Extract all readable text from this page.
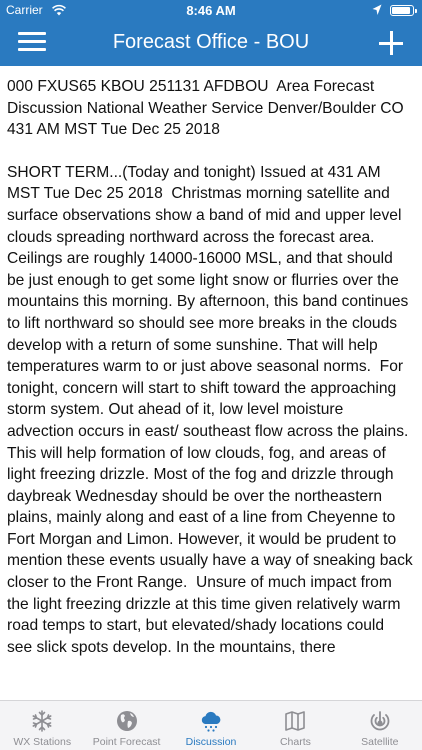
Carrier	8:46 AM
Forecast Office - BOU

000 FXUS65 KBOU 251131 AFDBOU  Area Forecast Discussion National Weather Service Denver/Boulder CO 431 AM MST Tue Dec 25 2018

SHORT TERM...(Today and tonight) Issued at 431 AM MST Tue Dec 25 2018  Christmas morning satellite and surface observations show a band of mid and upper level clouds spreading northward across the forecast area. Ceilings are roughly 14000-16000 MSL, and that should be just enough to get some light snow or flurries over the mountains this morning. By afternoon, this band continues to lift northward so should see more breaks in the clouds develop with a return of some sunshine. That will help temperatures warm to or just above seasonal norms.  For tonight, concern will start to shift toward the approaching storm system. Out ahead of it, low level moisture advection occurs in east/ southeast flow across the plains. This will help formation of low clouds, fog, and areas of light freezing drizzle. Most of the fog and drizzle through daybreak Wednesday should be over the northeastern plains, mainly along and east of a line from Cheyenne to Fort Morgan and Limon. However, it would be prudent to mention these events usually have a way of sneaking back closer to the Front Range.  Unsure of much impact from the light freezing drizzle at this time given relatively warm road temps to start, but elevated/shady locations could see slick spots develop. In the mountains, there

WX Stations	Point Forecast	Discussion	Charts	Satellite
